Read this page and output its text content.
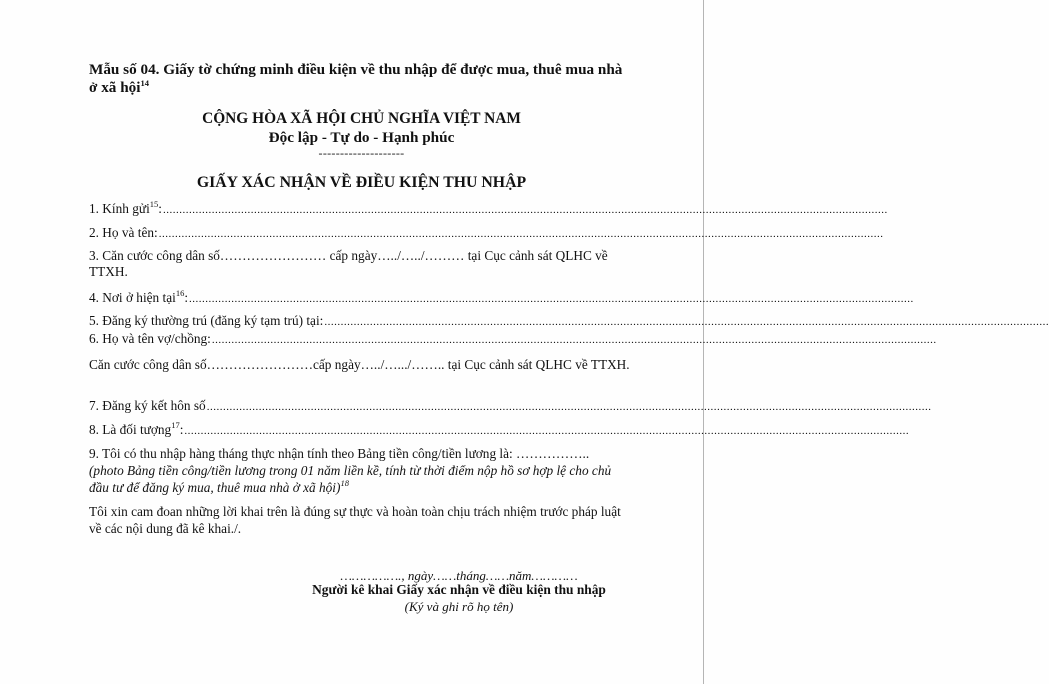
Mẫu số 04. Giấy tờ chứng minh điều kiện về thu nhập để được mua, thuê mua nhà ở xã hội$^{14}$
CỘNG HÒA XÃ HỘI CHỦ NGHĨA VIỆT NAM
Độc lập - Tự do - Hạnh phúc
--------------------
GIẤY XÁC NHẬN VỀ ĐIỀU KIỆN THU NHẬP
1. Kính gửi$^{15}$: ...............................................................................................................................................................................................................................
2. Họ và tên: ...............................................................................................................................................................................................................................
3. Căn cước công dân số…………………… cấp ngày…../…../……… tại Cục cảnh sát QLHC về TTXH.
4. Nơi ở hiện tại$^{16}$: ...............................................................................................................................................................................................................................
5. Đăng ký thường trú (đăng ký tạm trú) tại: ...............................................................................................................................................................................................................................
6. Họ và tên vợ/chồng: ...............................................................................................................................................................................................................................
Căn cước công dân số……………………cấp ngày…../….../…….. tại Cục cảnh sát QLHC về TTXH.
7. Đăng ký kết hôn số ...............................................................................................................................................................................................................................
8. Là đối tượng$^{17}$: ...............................................................................................................................................................................................................................
9. Tôi có thu nhập hàng tháng thực nhận tính theo Bảng tiền công/tiền lương là: ……………..
(photo Bảng tiền công/tiền lương trong 01 năm liền kề, tính từ thời điểm nộp hồ sơ hợp lệ cho chủ đầu tư để đăng ký mua, thuê mua nhà ở xã hội)$^{18}$
Tôi xin cam đoan những lời khai trên là đúng sự thực và hoàn toàn chịu trách nhiệm trước pháp luật về các nội dung đã kê khai./.
……………., ngày……tháng……năm…………
Người kê khai Giấy xác nhận về điều kiện thu nhập
(Ký và ghi rõ họ tên)
